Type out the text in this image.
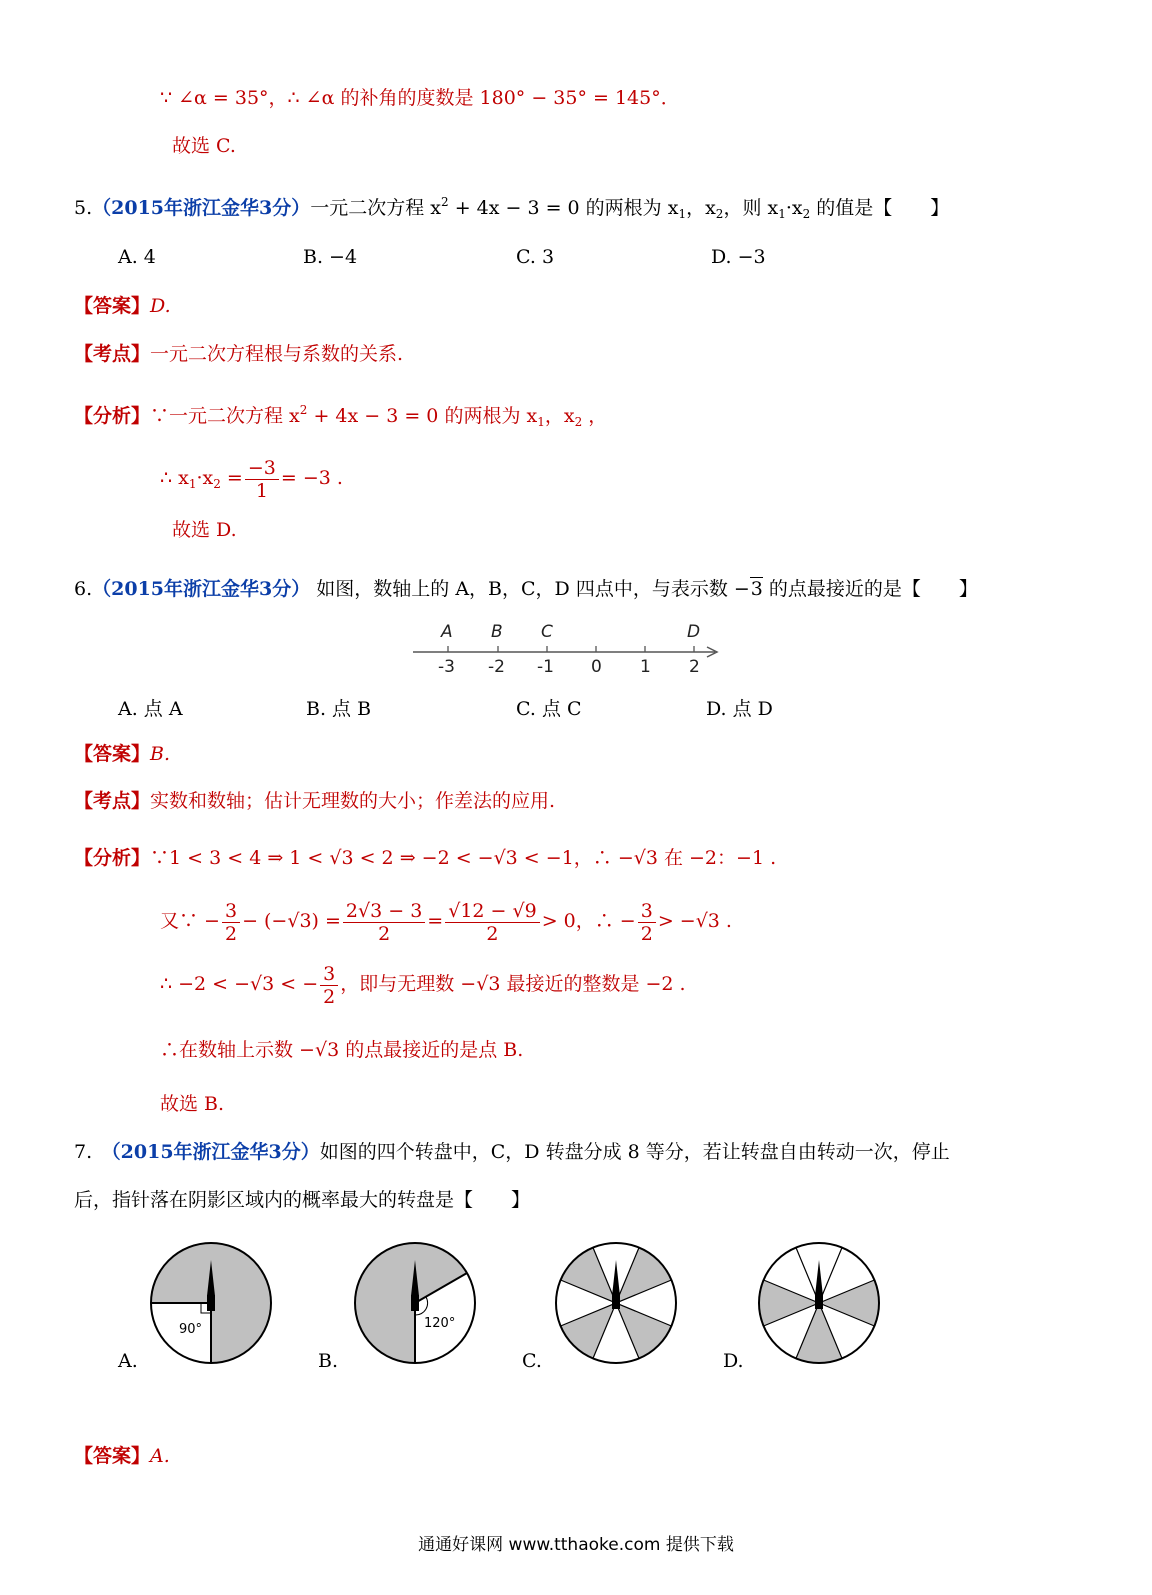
∵ ∠α = 35°，∴ ∠α 的补角的度数是 180° − 35° = 145°．
故选 C.
5.（2015年浙江金华3分）一元二次方程 $x^2 + 4x - 3 = 0$ 的两根为 $x_1$，$x_2$，则 $x_1\cdot x_2$ 的值是【　　】
A. 4	B. −4	C. 3	D. −3
【答案】D.
【考点】一元二次方程根与系数的关系.
【分析】∵一元二次方程 $x^2 + 4x - 3 = 0$ 的两根为 $x_1$，$x_2$ ，
∴ $x_1\cdot x_2 = \frac{-3}{1} = -3$ .
故选 D.
6.（2015年浙江金华3分） 如图，数轴上的 A，B，C，D 四点中，与表示数 −3 的点最接近的是【　　】
A B C	D
-3 -2 -1 0 1 2
A. 点 A	B. 点 B	C. 点 C	D. 点 D
【答案】B.
【考点】实数和数轴；估计无理数的大小；作差法的应用.
【分析】∵1 < 3 < 4 ⇒ 1 < √3 < 2 ⇒ −2 < −√3 < −1，∴ −√3 在 −2：−1 .
又∵ − $\frac{3}{2} - (-√3) = \frac{2√3 - 3}{2} = \frac{√12 - √9}{2} > 0$，∴ − $\frac{3}{2} > -√3$ .
∴ −2 < −√3 < − $\frac{3}{2}$ ，即与无理数 −√3 最接近的整数是 −2 .
∴在数轴上示数 −√3 的点最接近的是点 B.
故选 B.
7.　 （2015年浙江金华3分）如图的四个转盘中，C，D 转盘分成 8 等分，若让转盘自由转动一次，停止
后，指针落在阴影区域内的概率最大的转盘是【　　】
90°
A.
120°
B.	C.	D.
【答案】A.
通通好课网 www.tthaoke.com 提供下载
